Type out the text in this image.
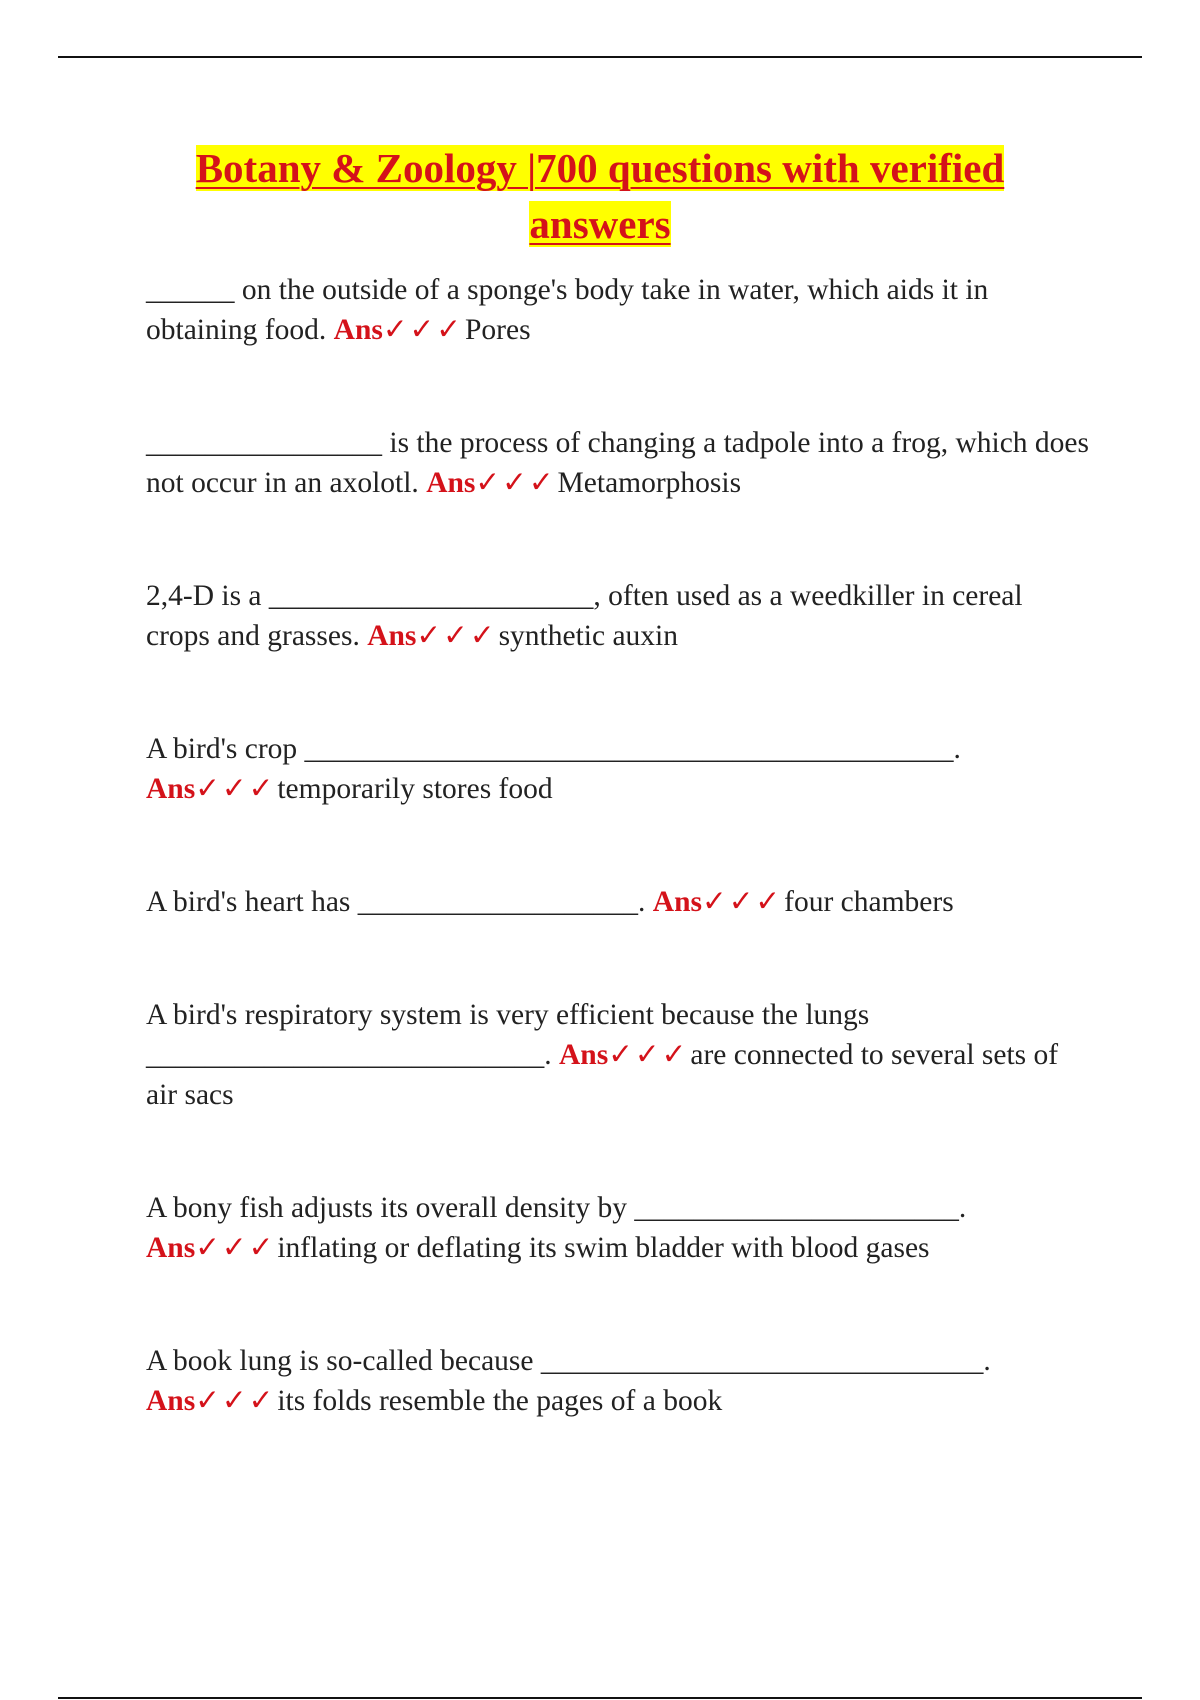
Botany & Zoology |700 questions with verified answers

______ on the outside of a sponge's body take in water, which aids it in obtaining food. Ans✓✓✓Pores

________________ is the process of changing a tadpole into a frog, which does not occur in an axolotl. Ans✓✓✓Metamorphosis

2,4-D is a ______________________, often used as a weedkiller in cereal crops and grasses. Ans✓✓✓synthetic auxin

A bird's crop ____________________________________________. Ans✓✓✓temporarily stores food

A bird's heart has ___________________. Ans✓✓✓four chambers

A bird's respiratory system is very efficient because the lungs ___________________________. Ans✓✓✓are connected to several sets of air sacs

A bony fish adjusts its overall density by ______________________. Ans✓✓✓inflating or deflating its swim bladder with blood gases

A book lung is so-called because ______________________________. Ans✓✓✓its folds resemble the pages of a book
